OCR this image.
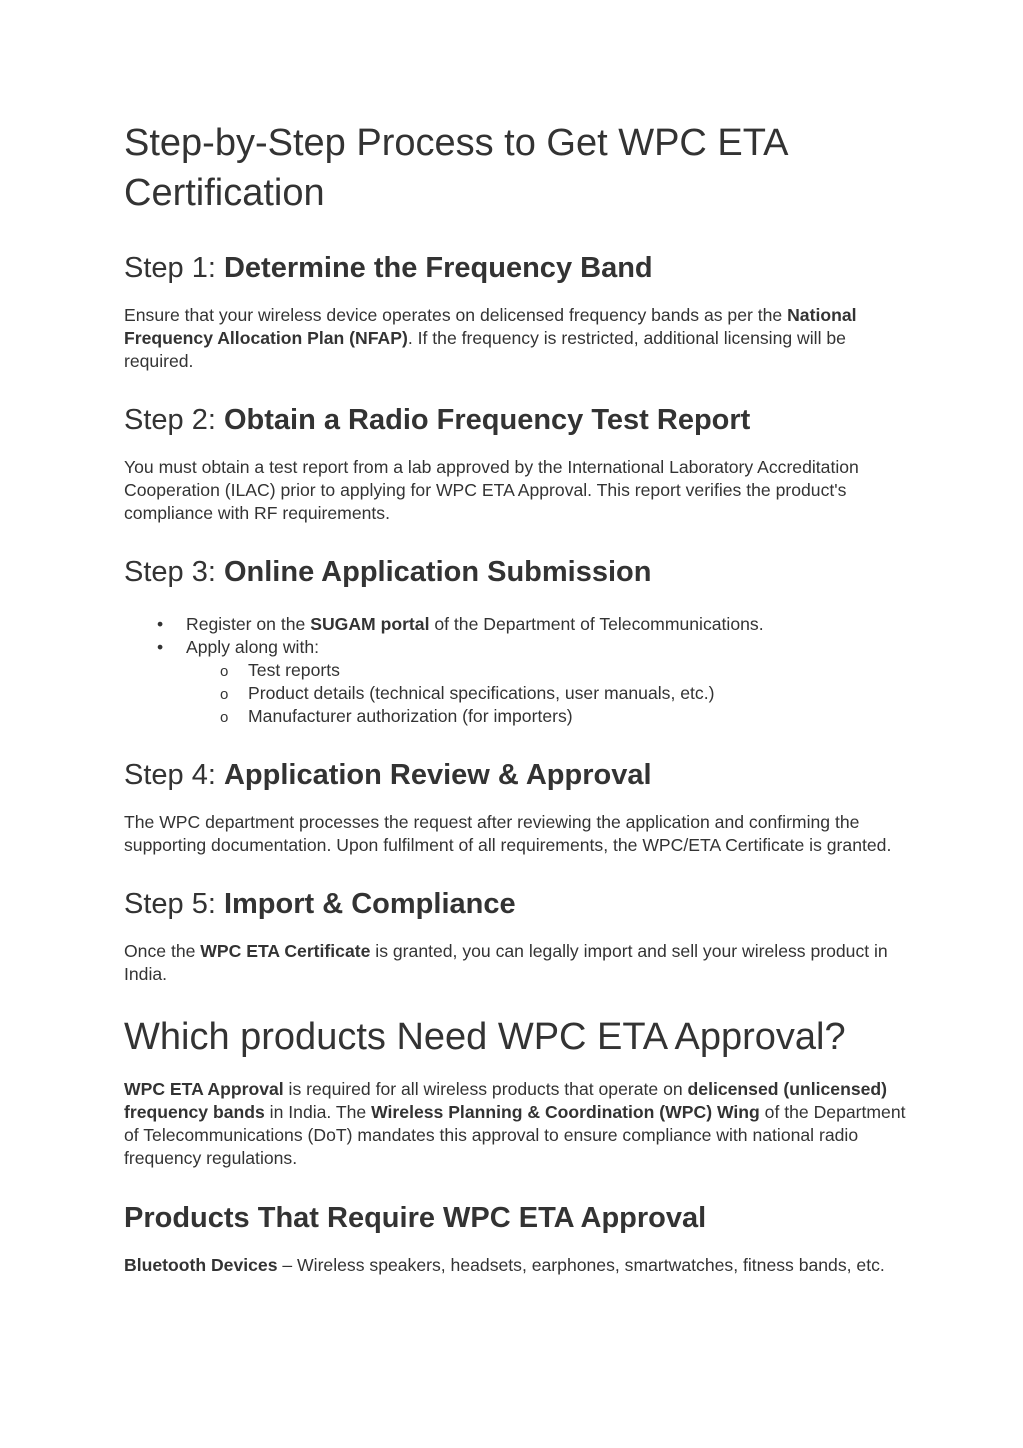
Step-by-Step Process to Get WPC ETA
Certification
Step 1: Determine the Frequency Band

Ensure that your wireless device operates on delicensed frequency bands as per the National Frequency Allocation Plan (NFAP). If the frequency is restricted, additional licensing will be required.

Step 2: Obtain a Radio Frequency Test Report

You must obtain a test report from a lab approved by the International Laboratory Accreditation Cooperation (ILAC) prior to applying for WPC ETA Approval. This report verifies the product's compliance with RF requirements.

Step 3: Online Application Submission
• Register on the SUGAM portal of the Department of Telecommunications.
• Apply along with:
o Test reports
o Product details (technical specifications, user manuals, etc.)
o Manufacturer authorization (for importers)
Step 4: Application Review & Approval

The WPC department processes the request after reviewing the application and confirming the supporting documentation. Upon fulfilment of all requirements, the WPC/ETA Certificate is granted.

Step 5: Import & Compliance

Once the WPC ETA Certificate is granted, you can legally import and sell your wireless product in India.

Which products Need WPC ETA Approval?

WPC ETA Approval is required for all wireless products that operate on delicensed (unlicensed) frequency bands in India. The Wireless Planning & Coordination (WPC) Wing of the Department of Telecommunications (DoT) mandates this approval to ensure compliance with national radio frequency regulations.

Products That Require WPC ETA Approval

Bluetooth Devices – Wireless speakers, headsets, earphones, smartwatches, fitness bands, etc.
